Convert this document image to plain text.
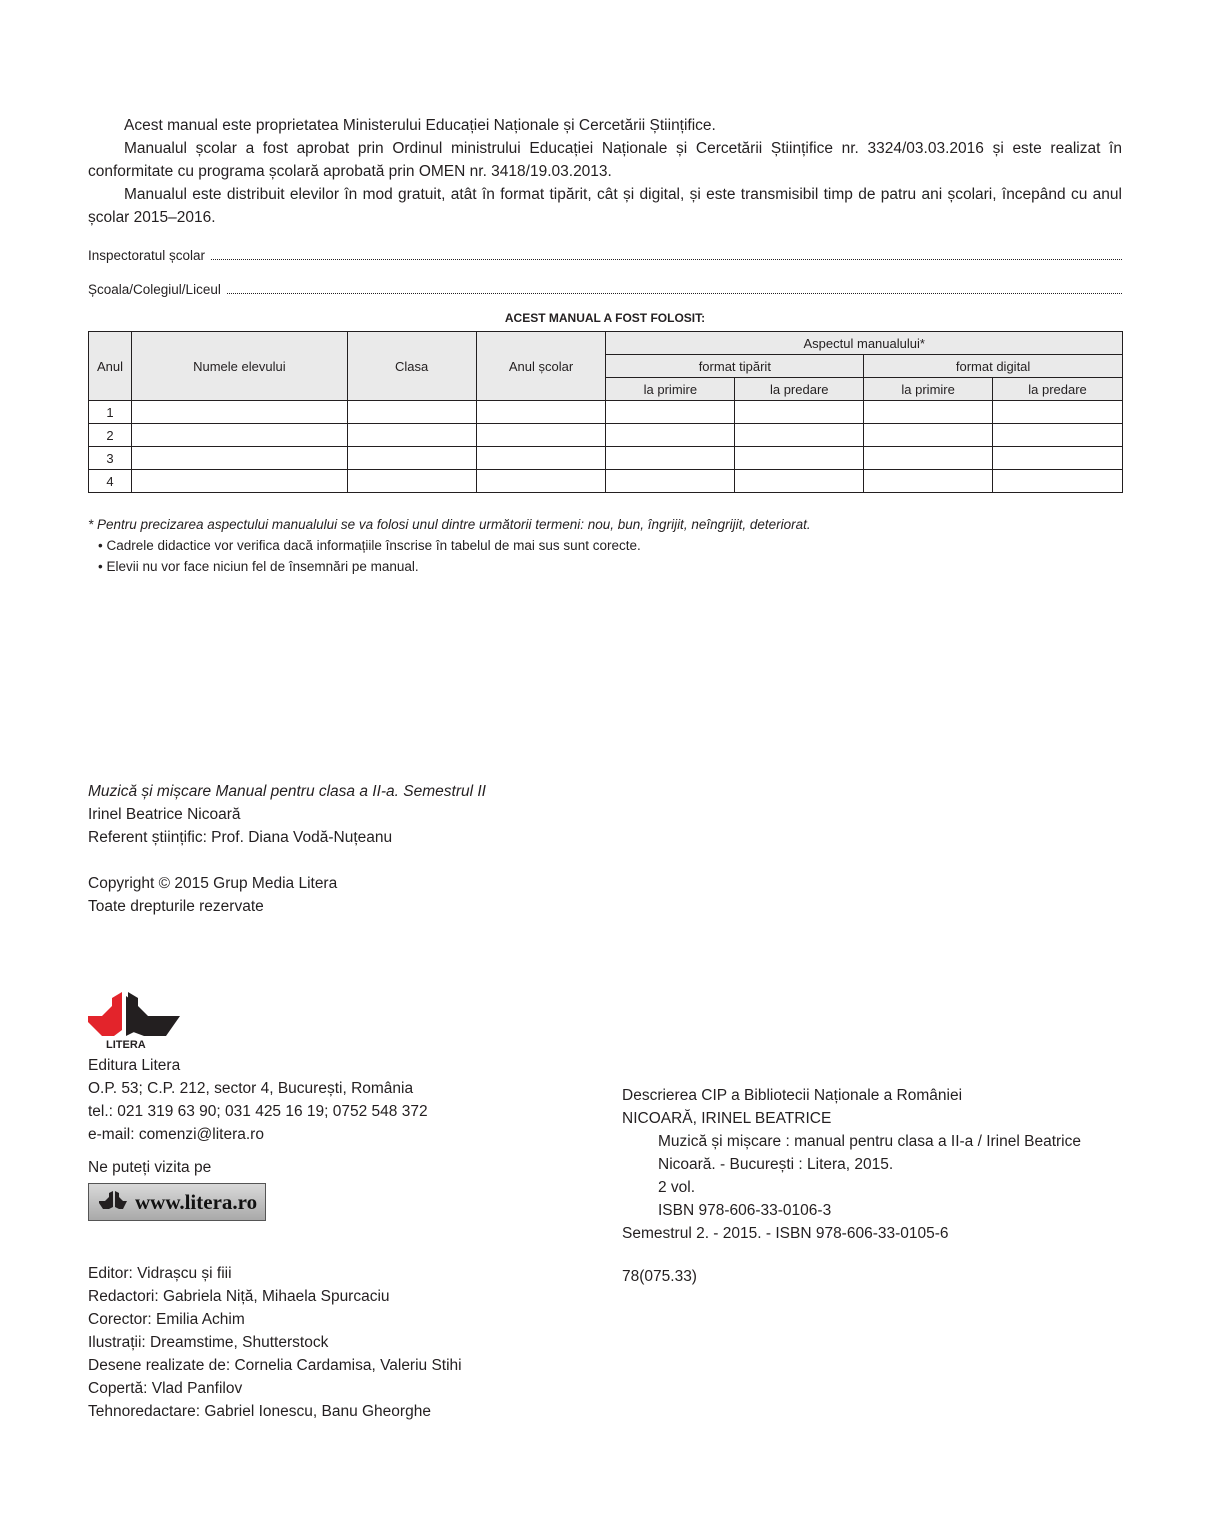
Acest manual este proprietatea Ministerului Educației Naționale și Cercetării Științifice.

Manualul școlar a fost aprobat prin Ordinul ministrului Educației Naționale și Cercetării Științifice nr. 3324/03.03.2016 și este realizat în conformitate cu programa școlară aprobată prin OMEN nr. 3418/19.03.2013.

Manualul este distribuit elevilor în mod gratuit, atât în format tipărit, cât și digital, și este transmisibil timp de patru ani școlari, începând cu anul școlar 2015–2016.

Inspectoratul școlar
Școala/Colegiul/Liceul
ACEST MANUAL A FOST FOLOSIT:
Anul	Numele elevului	Clasa	Anul școlar	Aspectul manualului*			
				format tipărit		format digital	
				la primire	la predare	la primire	la predare
1							
2							
3							
4							
* Pentru precizarea aspectului manualului se va folosi unul dintre următorii termeni: nou, bun, îngrijit, neîngrijit, deteriorat.
• Cadrele didactice vor verifica dacă informațiile înscrise în tabelul de mai sus sunt corecte.
• Elevii nu vor face niciun fel de însemnări pe manual.
Muzică și mișcare Manual pentru clasa a II-a. Semestrul II
Irinel Beatrice Nicoară
Referent științific: Prof. Diana Vodă-Nuțeanu
Copyright © 2015 Grup Media Litera
Toate drepturile rezervate
LITERA
Editura Litera
O.P. 53; C.P. 212, sector 4, București, România
tel.: 021 319 63 90; 031 425 16 19; 0752 548 372
e-mail: comenzi@litera.ro
Ne puteți vizita pe
www.litera.ro
Descrierea CIP a Bibliotecii Naționale a României
NICOARĂ, IRINEL BEATRICE
Muzică și mișcare : manual pentru clasa a II-a / Irinel Beatrice
Nicoară. - București : Litera, 2015.
2 vol.
ISBN 978-606-33-0106-3
Semestrul 2. - 2015. - ISBN 978-606-33-0105-6
78(075.33)
Editor: Vidrașcu și fiii
Redactori: Gabriela Niță, Mihaela Spurcaciu
Corector: Emilia Achim
Ilustrații: Dreamstime, Shutterstock
Desene realizate de: Cornelia Cardamisa, Valeriu Stihi
Copertă: Vlad Panfilov
Tehnoredactare: Gabriel Ionescu, Banu Gheorghe
